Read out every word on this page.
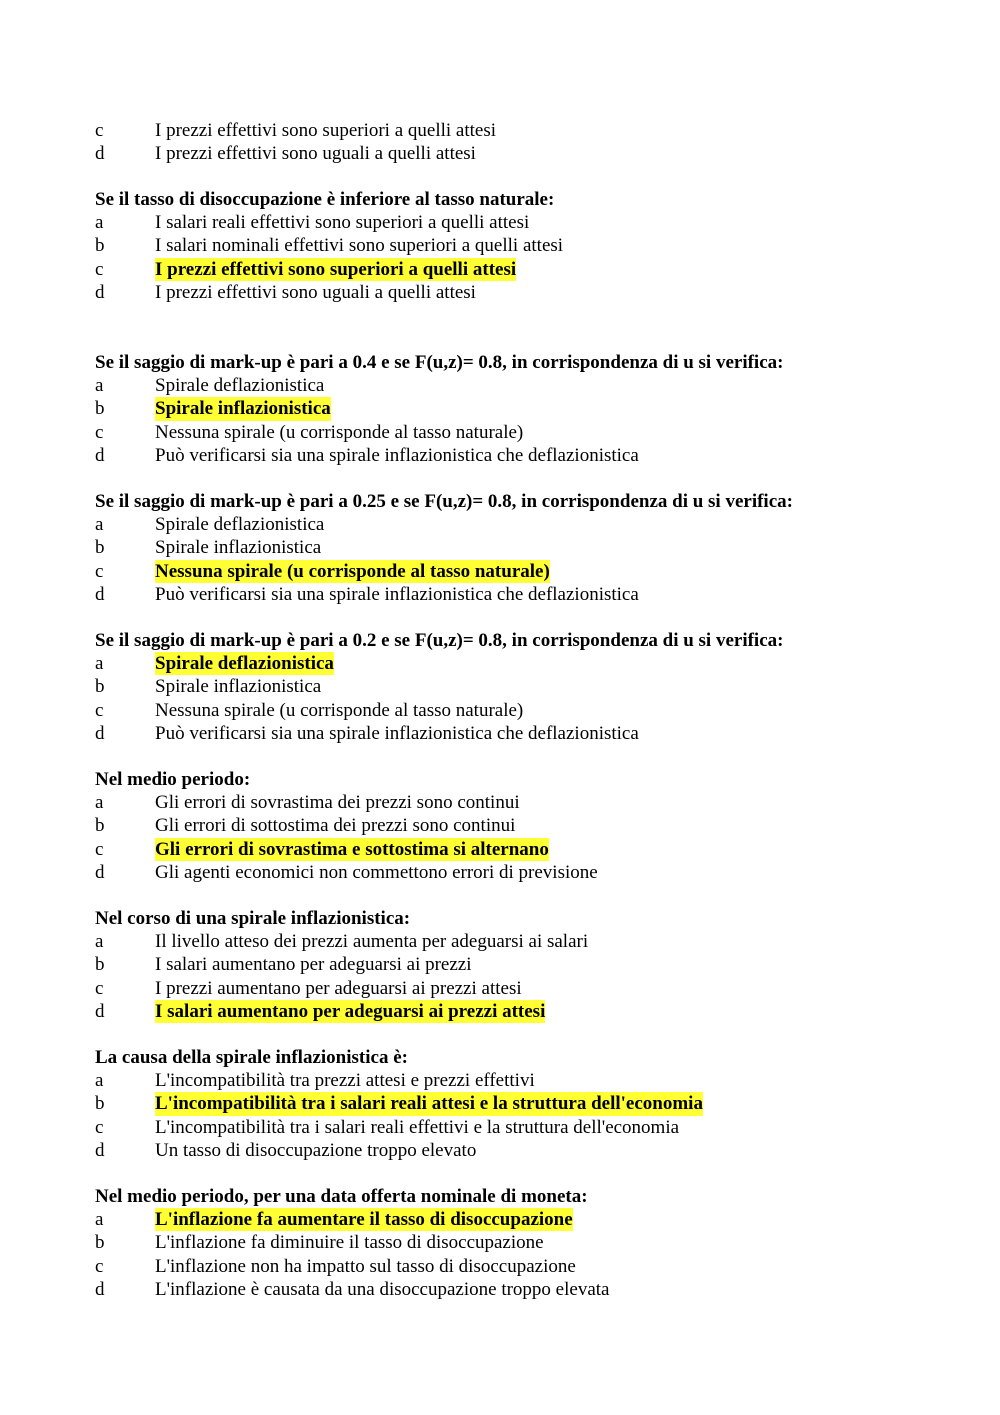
c	I prezzi effettivi sono superiori a quelli attesi
d	I prezzi effettivi sono uguali a quelli attesi
Se il tasso di disoccupazione è inferiore al tasso naturale:
a	I salari reali effettivi sono superiori a quelli attesi
b	I salari nominali effettivi sono superiori a quelli attesi
c	I prezzi effettivi sono superiori a quelli attesi
d	I prezzi effettivi sono uguali a quelli attesi
Se il saggio di mark-up è pari a 0.4 e se F(u,z)= 0.8, in corrispondenza di u si verifica:
a	Spirale deflazionistica
b	Spirale inflazionistica
c	Nessuna spirale (u corrisponde al tasso naturale)
d	Può verificarsi sia una spirale inflazionistica che deflazionistica
Se il saggio di mark-up è pari a 0.25 e se F(u,z)= 0.8, in corrispondenza di u si verifica:
a	Spirale deflazionistica
b	Spirale inflazionistica
c	Nessuna spirale (u corrisponde al tasso naturale)
d	Può verificarsi sia una spirale inflazionistica che deflazionistica
Se il saggio di mark-up è pari a 0.2 e se F(u,z)= 0.8, in corrispondenza di u si verifica:
a	Spirale deflazionistica
b	Spirale inflazionistica
c	Nessuna spirale (u corrisponde al tasso naturale)
d	Può verificarsi sia una spirale inflazionistica che deflazionistica
Nel medio periodo:
a	Gli errori di sovrastima dei prezzi sono continui
b	Gli errori di sottostima dei prezzi sono continui
c	Gli errori di sovrastima e sottostima si alternano
d	Gli agenti economici non commettono errori di previsione
Nel corso di una spirale inflazionistica:
a	Il livello atteso dei prezzi aumenta per adeguarsi ai salari
b	I salari aumentano per adeguarsi ai prezzi
c	I prezzi aumentano per adeguarsi ai prezzi attesi
d	I salari aumentano per adeguarsi ai prezzi attesi
La causa della spirale inflazionistica è:
a	L'incompatibilità tra prezzi attesi e prezzi effettivi
b	L'incompatibilità tra i salari reali attesi e la struttura dell'economia
c	L'incompatibilità tra i salari reali effettivi e la struttura dell'economia
d	Un tasso di disoccupazione troppo elevato
Nel medio periodo, per una data offerta nominale di moneta:
a	L'inflazione fa aumentare il tasso di disoccupazione
b	L'inflazione fa diminuire il tasso di disoccupazione
c	L'inflazione non ha impatto sul tasso di disoccupazione
d	L'inflazione è causata da una disoccupazione troppo elevata
